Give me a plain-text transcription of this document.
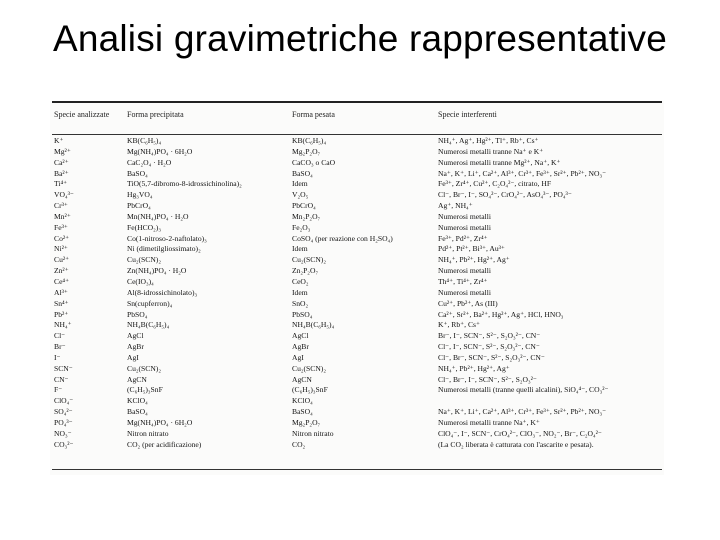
Analisi gravimetriche rappresentative
Specie analizzate	Forma precipitata	Forma pesata	Specie interferenti
K⁺	KB(C₆H₅)₄	KB(C₆H₅)₄	NH₄⁺, Ag⁺, Hg²⁺, Tl⁺, Rb⁺, Cs⁺
Mg²⁺	Mg(NH₄)PO₄ · 6H₂O	Mg₂P₂O₇	Numerosi metalli tranne Na⁺ e K⁺
Ca²⁺	CaC₂O₄ · H₂O	CaCO₃ o CaO	Numerosi metalli tranne Mg²⁺, Na⁺, K⁺
Ba²⁺	BaSO₄	BaSO₄	Na⁺, K⁺, Li⁺, Ca²⁺, Al³⁺, Cr³⁺, Fe³⁺, Sr²⁺, Pb²⁺, NO₃⁻
Ti⁴⁺	TiO(5,7-dibromo-8-idrossichinolina)₂	Idem	Fe³⁺, Zr⁴⁺, Cu²⁺, C₂O₄²⁻, citrato, HF
VO₄³⁻	Hg₃VO₄	V₂O₅	Cl⁻, Br⁻, I⁻, SO₄²⁻, CrO₄²⁻, AsO₄³⁻, PO₄³⁻
Cr³⁺	PbCrO₄	PbCrO₄	Ag⁺, NH₄⁺
Mn²⁺	Mn(NH₄)PO₄ · H₂O	Mn₂P₂O₇	Numerosi metalli
Fe³⁺	Fe(HCO₂)₃	Fe₂O₃	Numerosi metalli
Co²⁺	Co(1-nitroso-2-naftolato)₃	CoSO₄ (per reazione con H₂SO₄)	Fe³⁺, Pd²⁺, Zr⁴⁺
Ni²⁺	Ni (dimetilgliossimato)₂	Idem	Pd²⁺, Pt²⁺, Bi³⁺, Au³⁺
Cu²⁺	Cu₂(SCN)₂	Cu₂(SCN)₂	NH₄⁺, Pb²⁺, Hg²⁺, Ag⁺
Zn²⁺	Zn(NH₄)PO₄ · H₂O	Zn₂P₂O₇	Numerosi metalli
Ce⁴⁺	Ce(IO₃)₄	CeO₂	Th⁴⁺, Ti⁴⁺, Zr⁴⁺
Al³⁺	Al(8-idrossichinolato)₃	Idem	Numerosi metalli
Sn⁴⁺	Sn(cupferron)₄	SnO₂	Cu²⁺, Pb²⁺, As (III)
Pb²⁺	PbSO₄	PbSO₄	Ca²⁺, Sr²⁺, Ba²⁺, Hg²⁺, Ag⁺, HCl, HNO₃
NH₄⁺	NH₄B(C₆H₅)₄	NH₄B(C₆H₅)₄	K⁺, Rb⁺, Cs⁺
Cl⁻	AgCl	AgCl	Br⁻, I⁻, SCN⁻, S²⁻, S₂O₃²⁻, CN⁻
Br⁻	AgBr	AgBr	Cl⁻, I⁻, SCN⁻, S²⁻, S₂O₃²⁻, CN⁻
I⁻	AgI	AgI	Cl⁻, Br⁻, SCN⁻, S²⁻, S₂O₃²⁻, CN⁻
SCN⁻	Cu₂(SCN)₂	Cu₂(SCN)₂	NH₄⁺, Pb²⁺, Hg²⁺, Ag⁺
CN⁻	AgCN	AgCN	Cl⁻, Br⁻, I⁻, SCN⁻, S²⁻, S₂O₃²⁻
F⁻	(C₆H₅)₃SnF	(C₆H₅)₃SnF	Numerosi metalli (tranne quelli alcalini), SiO₄⁴⁻, CO₃²⁻
ClO₄⁻	KClO₄	KClO₄	
SO₄²⁻	BaSO₄	BaSO₄	Na⁺, K⁺, Li⁺, Ca²⁺, Al³⁺, Cr³⁺, Fe³⁺, Sr²⁺, Pb²⁺, NO₃⁻
PO₄³⁻	Mg(NH₄)PO₄ · 6H₂O	Mg₂P₂O₇	Numerosi metalli tranne Na⁺, K⁺
NO₃⁻	Nitron nitrato	Nitron nitrato	ClO₄⁻, I⁻, SCN⁻, CrO₄²⁻, ClO₃⁻, NO₂⁻, Br⁻, C₂O₄²⁻
CO₃²⁻	CO₂ (per acidificazione)	CO₂	(La CO₂ liberata è catturata con l'ascarite e pesata).
